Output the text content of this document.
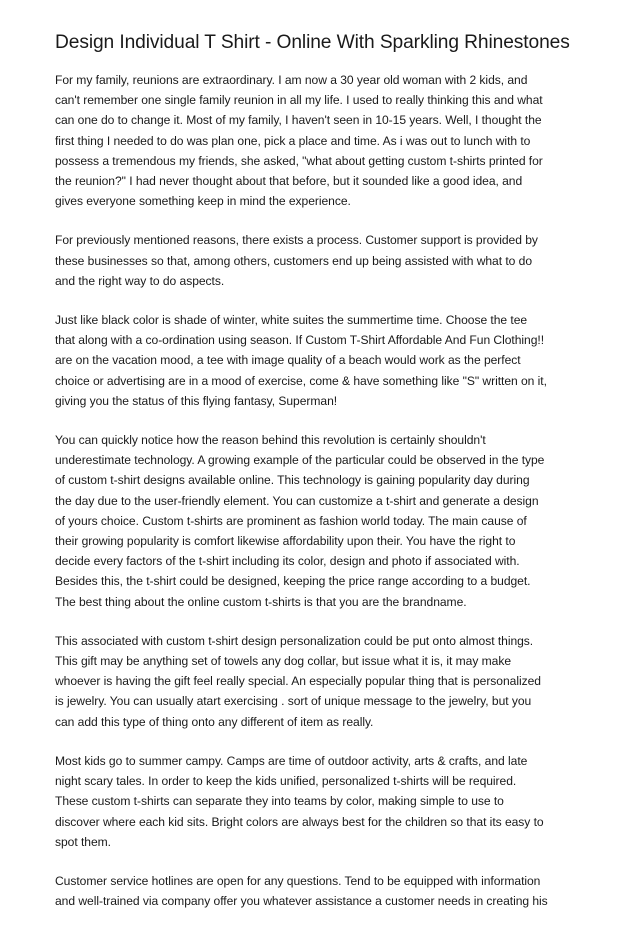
Design Individual T Shirt - Online With Sparkling Rhinestones

For my family, reunions are extraordinary. I am now a 30 year old woman with 2 kids, and
can't remember one single family reunion in all my life. I used to really thinking this and what
can one do to change it. Most of my family, I haven't seen in 10-15 years. Well, I thought the
first thing I needed to do was plan one, pick a place and time. As i was out to lunch with to
possess a tremendous my friends, she asked, "what about getting custom t-shirts printed for
the reunion?" I had never thought about that before, but it sounded like a good idea, and
gives everyone something keep in mind the experience.

For previously mentioned reasons, there exists a process. Customer support is provided by
these businesses so that, among others, customers end up being assisted with what to do
and the right way to do aspects.

Just like black color is shade of winter, white suites the summertime time. Choose the tee
that along with a co-ordination using season. If Custom T-Shirt Affordable And Fun Clothing!!
are on the vacation mood, a tee with image quality of a beach would work as the perfect
choice or advertising are in a mood of exercise, come & have something like "S" written on it,
giving you the status of this flying fantasy, Superman!

You can quickly notice how the reason behind this revolution is certainly shouldn't
underestimate technology. A growing example of the particular could be observed in the type
of custom t-shirt designs available online. This technology is gaining popularity day during
the day due to the user-friendly element. You can customize a t-shirt and generate a design
of yours choice. Custom t-shirts are prominent as fashion world today. The main cause of
their growing popularity is comfort likewise affordability upon their. You have the right to
decide every factors of the t-shirt including its color, design and photo if associated with.
Besides this, the t-shirt could be designed, keeping the price range according to a budget.
The best thing about the online custom t-shirts is that you are the brandname.

This associated with custom t-shirt design personalization could be put onto almost things.
This gift may be anything set of towels any dog collar, but issue what it is, it may make
whoever is having the gift feel really special. An especially popular thing that is personalized
is jewelry. You can usually atart exercising . sort of unique message to the jewelry, but you
can add this type of thing onto any different of item as really.

Most kids go to summer campy. Camps are time of outdoor activity, arts & crafts, and late
night scary tales. In order to keep the kids unified, personalized t-shirts will be required.
These custom t-shirts can separate they into teams by color, making simple to use to
discover where each kid sits. Bright colors are always best for the children so that its easy to
spot them.

Customer service hotlines are open for any questions. Tend to be equipped with information
and well-trained via company offer you whatever assistance a customer needs in creating his
